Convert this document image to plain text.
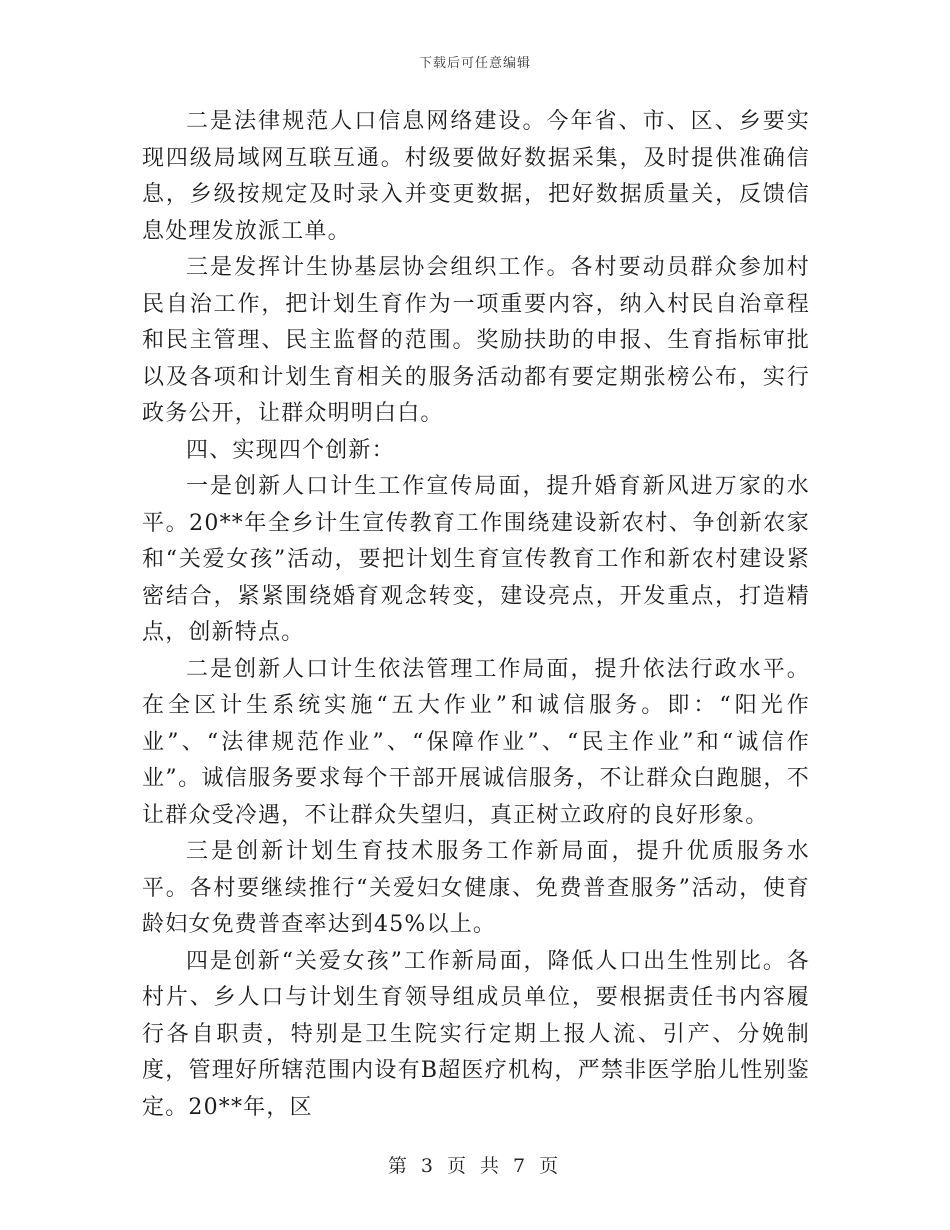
下载后可任意编辑

二是法律规范人口信息网络建设。今年省、市、区、乡要实现四级局域网互联互通。村级要做好数据采集，及时提供准确信息，乡级按规定及时录入并变更数据，把好数据质量关，反馈信息处理发放派工单。

三是发挥计生协基层协会组织工作。各村要动员群众参加村民自治工作，把计划生育作为一项重要内容，纳入村民自治章程和民主管理、民主监督的范围。奖励扶助的申报、生育指标审批以及各项和计划生育相关的服务活动都有要定期张榜公布，实行政务公开，让群众明明白白。

四、实现四个创新：

一是创新人口计生工作宣传局面，提升婚育新风进万家的水平。20**年全乡计生宣传教育工作围绕建设新农村、争创新农家和“关爱女孩”活动，要把计划生育宣传教育工作和新农村建设紧密结合，紧紧围绕婚育观念转变，建设亮点，开发重点，打造精点，创新特点。

二是创新人口计生依法管理工作局面，提升依法行政水平。在全区计生系统实施“五大作业”和诚信服务。即：“阳光作业”、“法律规范作业”、“保障作业”、“民主作业”和“诚信作业”。诚信服务要求每个干部开展诚信服务，不让群众白跑腿，不让群众受冷遇，不让群众失望归，真正树立政府的良好形象。

三是创新计划生育技术服务工作新局面，提升优质服务水平。各村要继续推行“关爱妇女健康、免费普查服务”活动，使育龄妇女免费普查率达到45%以上。

四是创新“关爱女孩”工作新局面，降低人口出生性别比。各村片、乡人口与计划生育领导组成员单位，要根据责任书内容履行各自职责，特别是卫生院实行定期上报人流、引产、分娩制度，管理好所辖范围内设有B超医疗机构，严禁非医学胎儿性别鉴定。20**年，区

第 3 页 共 7 页
